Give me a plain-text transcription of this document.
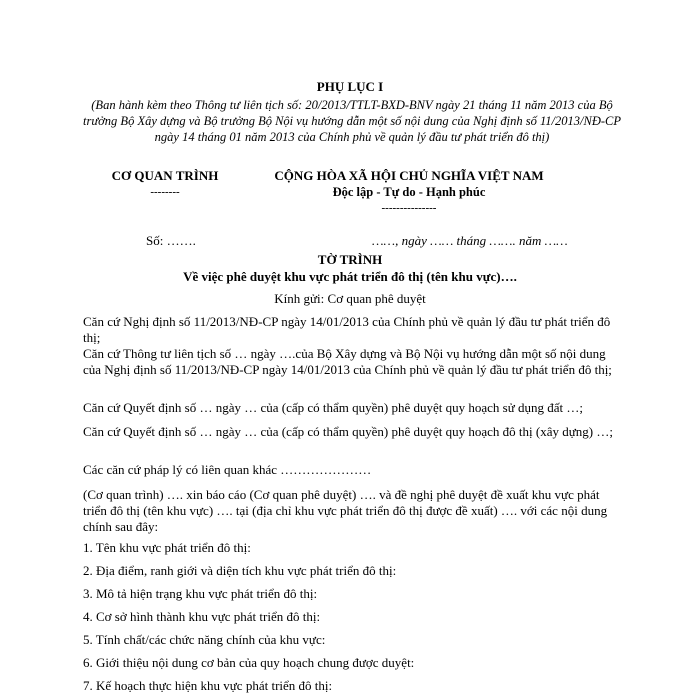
PHỤ LỤC I
(Ban hành kèm theo Thông tư liên tịch số: 20/2013/TTLT-BXD-BNV ngày 21 tháng 11 năm 2013 của Bộ trưởng Bộ Xây dựng và Bộ trưởng Bộ Nội vụ hướng dẫn một số nội dung của Nghị định số 11/2013/NĐ-CP ngày 14 tháng 01 năm 2013 của Chính phủ về quản lý đầu tư phát triển đô thị)
CƠ QUAN TRÌNH
--------
CỘNG HÒA XÃ HỘI CHỦ NGHĨA VIỆT NAM
Độc lập - Tự do - Hạnh phúc
---------------
Số: …….	……, ngày …… tháng ……. năm ……
TỜ TRÌNH
Về việc phê duyệt khu vực phát triển đô thị (tên khu vực)….
Kính gửi: Cơ quan phê duyệt
Căn cứ Nghị định số 11/2013/NĐ-CP ngày 14/01/2013 của Chính phủ về quản lý đầu tư phát triển đô thị;
Căn cứ Thông tư liên tịch số … ngày ….của Bộ Xây dựng và Bộ Nội vụ hướng dẫn một số nội dung của Nghị định số 11/2013/NĐ-CP ngày 14/01/2013 của Chính phủ về quản lý đầu tư phát triển đô thị;
Căn cứ Quyết định số … ngày … của (cấp có thẩm quyền) phê duyệt quy hoạch sử dụng đất …;
Căn cứ Quyết định số … ngày … của (cấp có thẩm quyền) phê duyệt quy hoạch đô thị (xây dựng) …;
Các căn cứ pháp lý có liên quan khác …………………
(Cơ quan trình) …. xin báo cáo (Cơ quan phê duyệt) …. và đề nghị phê duyệt đề xuất khu vực phát triển đô thị (tên khu vực) …. tại (địa chỉ khu vực phát triển đô thị được đề xuất) …. với các nội dung chính sau đây:
1. Tên khu vực phát triển đô thị:
2. Địa điểm, ranh giới và diện tích khu vực phát triển đô thị:
3. Mô tả hiện trạng khu vực phát triển đô thị:
4. Cơ sở hình thành khu vực phát triển đô thị:
5. Tính chất/các chức năng chính của khu vực:
6. Giới thiệu nội dung cơ bản của quy hoạch chung được duyệt:
7. Kế hoạch thực hiện khu vực phát triển đô thị:
